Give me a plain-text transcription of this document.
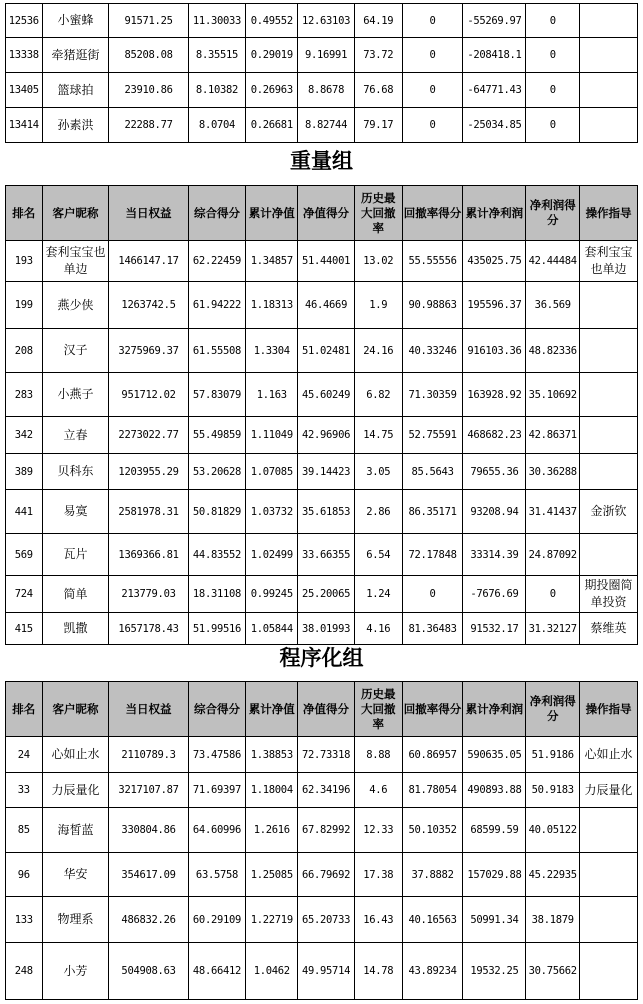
12536	小蜜蜂	91571.25	11.30033	0.49552	12.63103	64.19	0	-55269.97	0	
13338	牵猪逛街	85208.08	8.35515	0.29019	9.16991	73.72	0	-208418.1	0	
13405	篮球拍	23910.86	8.10382	0.26963	8.8678	76.68	0	-64771.43	0	
13414	孙素洪	22288.77	8.0704	0.26681	8.82744	79.17	0	-25034.85	0	
重量组
排名	客户昵称	当日权益	综合得分	累计净值	净值得分	历史最大回撤率	回撤率得分	累计净利润	净利润得分	操作指导
193	套利宝宝也单边	1466147.17	62.22459	1.34857	51.44001	13.02	55.55556	435025.75	42.44484	套利宝宝也单边
199	燕少侠	1263742.5	61.94222	1.18313	46.4669	1.9	90.98863	195596.37	36.569	
208	汉子	3275969.37	61.55508	1.3304	51.02481	24.16	40.33246	916103.36	48.82336	
283	小燕子	951712.02	57.83079	1.163	45.60249	6.82	71.30359	163928.92	35.10692	
342	立春	2273022.77	55.49859	1.11049	42.96906	14.75	52.75591	468682.23	42.86371	
389	贝科东	1203955.29	53.20628	1.07085	39.14423	3.05	85.5643	79655.36	30.36288	
441	易寞	2581978.31	50.81829	1.03732	35.61853	2.86	86.35171	93208.94	31.41437	金浙钦
569	瓦片	1369366.81	44.83552	1.02499	33.66355	6.54	72.17848	33314.39	24.87092	
724	简单	213779.03	18.31108	0.99245	25.20065	1.24	0	-7676.69	0	期投圈简单投资
415	凯撒	1657178.43	51.99516	1.05844	38.01993	4.16	81.36483	91532.17	31.32127	蔡维英
程序化组
排名	客户昵称	当日权益	综合得分	累计净值	净值得分	历史最大回撤率	回撤率得分	累计净利润	净利润得分	操作指导
24	心如止水	2110789.3	73.47586	1.38853	72.73318	8.88	60.86957	590635.05	51.9186	心如止水
33	力辰量化	3217107.87	71.69397	1.18004	62.34196	4.6	81.78054	490893.88	50.9183	力辰量化
85	海皙蓝	330804.86	64.60996	1.2616	67.82992	12.33	50.10352	68599.59	40.05122	
96	华安	354617.09	63.5758	1.25085	66.79692	17.38	37.8882	157029.88	45.22935	
133	物理系	486832.26	60.29109	1.22719	65.20733	16.43	40.16563	50991.34	38.1879	
248	小芳	504908.63	48.66412	1.0462	49.95714	14.78	43.89234	19532.25	30.75662	
